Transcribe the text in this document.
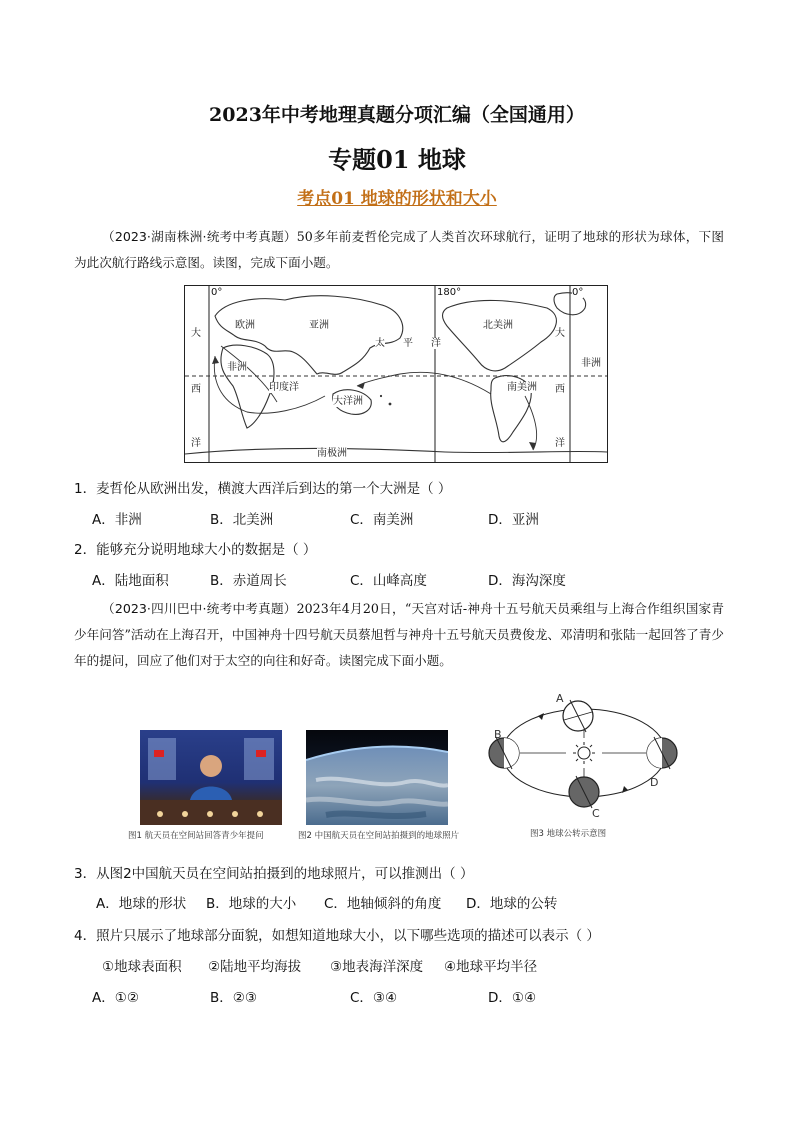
2023年中考地理真题分项汇编（全国通用）
专题01 地球
考点01 地球的形状和大小
（2023·湖南株洲·统考中考真题）50多年前麦哲伦完成了人类首次环球航行，证明了地球的形状为球体，下图为此次航行路线示意图。读图，完成下面小题。
0°	180°	0°
欧洲	亚洲	北美洲
非洲	非洲
印度洋
大洋洲
南美洲
南极洲
太 平 洋
大
西
洋
大
西
洋
1．麦哲伦从欧洲出发，横渡大西洋后到达的第一个大洲是（ ）
A．非洲	B．北美洲	C．南美洲	D．亚洲
2．能够充分说明地球大小的数据是（ ）
A．陆地面积	B．赤道周长	C．山峰高度	D．海沟深度
（2023·四川巴中·统考中考真题）2023年4月20日，“天宫对话-神舟十五号航天员乘组与上海合作组织国家青少年问答”活动在上海召开，中国神舟十四号航天员蔡旭哲与神舟十五号航天员费俊龙、邓清明和张陆一起回答了青少年的提问，回应了他们对于太空的向往和好奇。读图完成下面小题。
图1 航天员在空间站回答青少年提问	图2 中国航天员在空间站拍摄到的地球照片
A
B
C
D
图3 地球公转示意图
3．从图2中国航天员在空间站拍摄到的地球照片，可以推测出（ ）
A．地球的形状	B．地球的大小	C．地轴倾斜的角度	D．地球的公转
4．照片只展示了地球部分面貌，如想知道地球大小，以下哪些选项的描述可以表示（ ）
①地球表面积	②陆地平均海拔	③地表海洋深度	④地球平均半径
A．①②	B．②③	C．③④	D．①④
